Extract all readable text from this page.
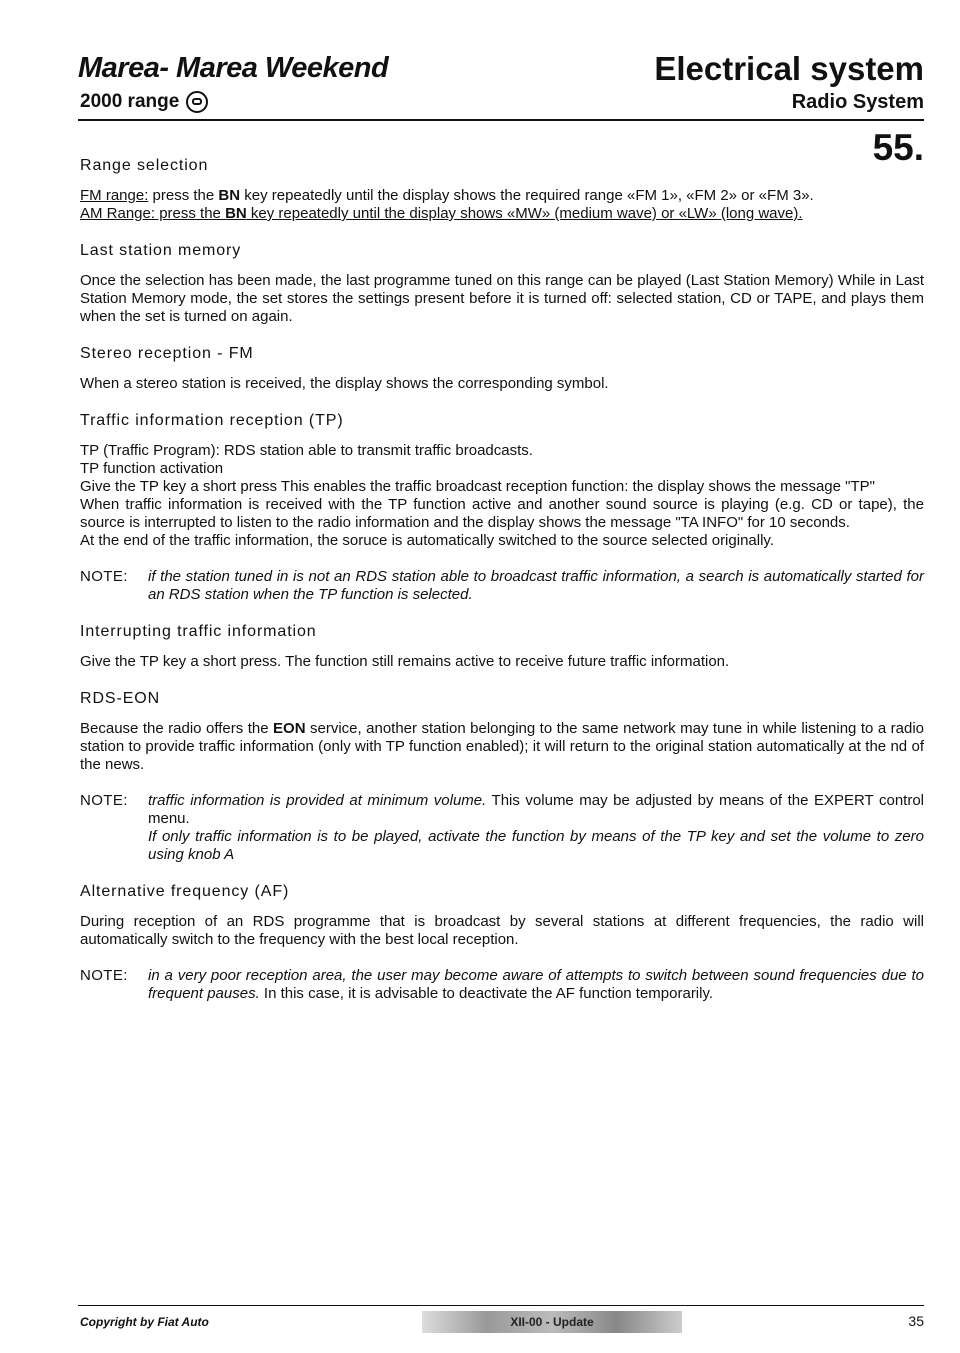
Marea- Marea Weekend
2000 range
Electrical system
Radio System
55.
Range selection

FM range: press the BN key repeatedly until the display shows the required range «FM 1», «FM 2» or «FM 3».

AM Range: press the BN key repeatedly until the display shows «MW» (medium wave) or «LW» (long wave).

Last station memory

Once the selection has been made, the last programme tuned on this range can be played (Last Station Memory) While in Last Station Memory mode, the set stores the settings present before it is turned off: selected station, CD or TAPE, and plays them when the set is turned on again.

Stereo reception - FM

When a stereo station is received, the display shows the corresponding symbol.

Traffic information reception (TP)

TP (Traffic Program): RDS station able to transmit traffic broadcasts.

TP function activation

Give the TP key a short press This enables the traffic broadcast reception function: the display shows the message "TP"

When traffic information is received with the TP function active and another sound source is playing (e.g. CD or tape), the source is interrupted to listen to the radio information and the display shows the message "TA INFO" for 10 seconds.

At the end of the traffic information, the soruce is automatically switched to the source selected originally.

NOTE:	if the station tuned in is not an RDS station able to broadcast traffic information, a search is automatically started for an RDS station when the TP function is selected.
Interrupting traffic information

Give the TP key a short press. The function still remains active to receive future traffic information.

RDS-EON

Because the radio offers the EON service, another station belonging to the same network may tune in while listening to a radio station to provide traffic information (only with TP function enabled); it will return to the original station automatically at the nd of the news.

NOTE:	traffic information is provided at minimum volume. This volume may be adjusted by means of the EXPERT control menu.
If only traffic information is to be played, activate the function by means of the TP key and set the volume to zero using knob A
Alternative frequency (AF)

During reception of an RDS programme that is broadcast by several stations at different frequencies, the radio will automatically switch to the frequency with the best local reception.

NOTE:	in a very poor reception area, the user may become aware of attempts to switch between sound frequencies due to frequent pauses. In this case, it is advisable to deactivate the AF function temporarily.
Copyright by Fiat Auto	XII-00 - Update	35
